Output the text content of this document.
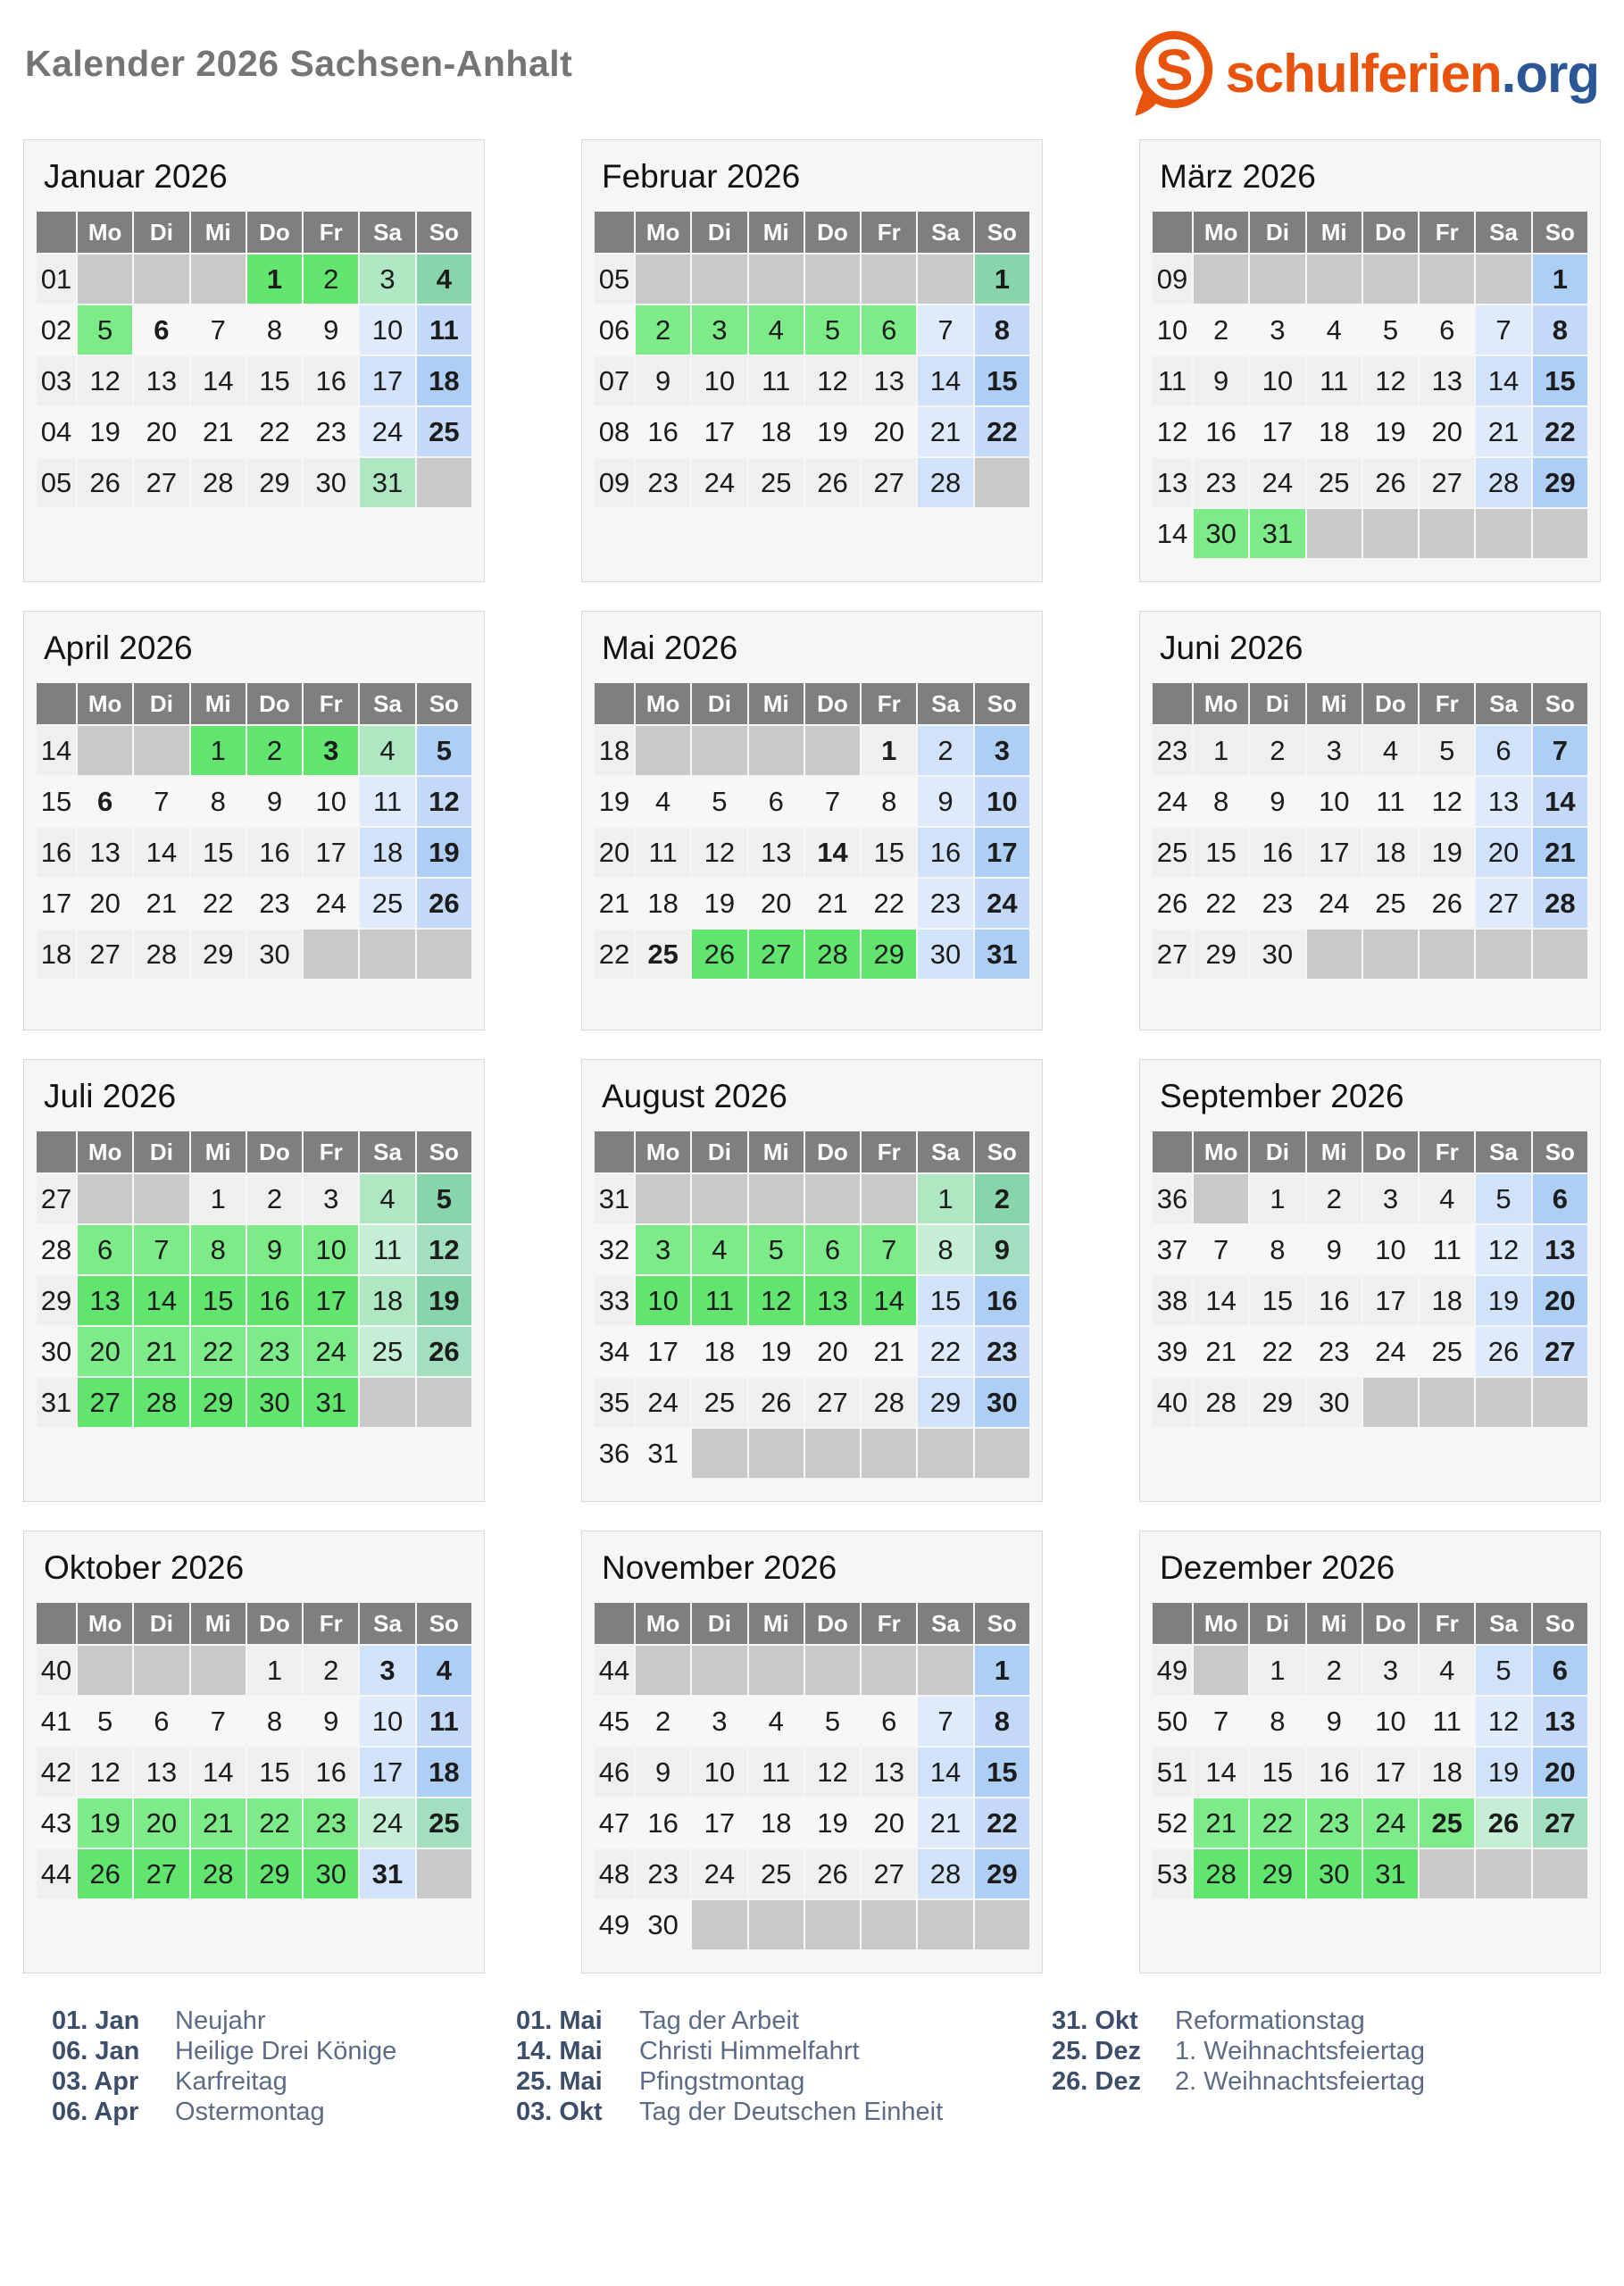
Kalender 2026 Sachsen-Anhalt	S schulferien.org
Januar 2026
	Mo	Di	Mi	Do	Fr	Sa	So
01				1	2	3	4
02	5	6	7	8	9	10	11
03	12	13	14	15	16	17	18
04	19	20	21	22	23	24	25
05	26	27	28	29	30	31	
Februar 2026
	Mo	Di	Mi	Do	Fr	Sa	So
05							1
06	2	3	4	5	6	7	8
07	9	10	11	12	13	14	15
08	16	17	18	19	20	21	22
09	23	24	25	26	27	28	
März 2026
	Mo	Di	Mi	Do	Fr	Sa	So
09							1
10	2	3	4	5	6	7	8
11	9	10	11	12	13	14	15
12	16	17	18	19	20	21	22
13	23	24	25	26	27	28	29
14	30	31					
April 2026
	Mo	Di	Mi	Do	Fr	Sa	So
14			1	2	3	4	5
15	6	7	8	9	10	11	12
16	13	14	15	16	17	18	19
17	20	21	22	23	24	25	26
18	27	28	29	30			
Mai 2026
	Mo	Di	Mi	Do	Fr	Sa	So
18					1	2	3
19	4	5	6	7	8	9	10
20	11	12	13	14	15	16	17
21	18	19	20	21	22	23	24
22	25	26	27	28	29	30	31
Juni 2026
	Mo	Di	Mi	Do	Fr	Sa	So
23	1	2	3	4	5	6	7
24	8	9	10	11	12	13	14
25	15	16	17	18	19	20	21
26	22	23	24	25	26	27	28
27	29	30					
Juli 2026
	Mo	Di	Mi	Do	Fr	Sa	So
27			1	2	3	4	5
28	6	7	8	9	10	11	12
29	13	14	15	16	17	18	19
30	20	21	22	23	24	25	26
31	27	28	29	30	31		
August 2026
	Mo	Di	Mi	Do	Fr	Sa	So
31						1	2
32	3	4	5	6	7	8	9
33	10	11	12	13	14	15	16
34	17	18	19	20	21	22	23
35	24	25	26	27	28	29	30
36	31						
September 2026
	Mo	Di	Mi	Do	Fr	Sa	So
36		1	2	3	4	5	6
37	7	8	9	10	11	12	13
38	14	15	16	17	18	19	20
39	21	22	23	24	25	26	27
40	28	29	30				
Oktober 2026
	Mo	Di	Mi	Do	Fr	Sa	So
40				1	2	3	4
41	5	6	7	8	9	10	11
42	12	13	14	15	16	17	18
43	19	20	21	22	23	24	25
44	26	27	28	29	30	31	
November 2026
	Mo	Di	Mi	Do	Fr	Sa	So
44							1
45	2	3	4	5	6	7	8
46	9	10	11	12	13	14	15
47	16	17	18	19	20	21	22
48	23	24	25	26	27	28	29
49	30						
Dezember 2026
	Mo	Di	Mi	Do	Fr	Sa	So
49		1	2	3	4	5	6
50	7	8	9	10	11	12	13
51	14	15	16	17	18	19	20
52	21	22	23	24	25	26	27
53	28	29	30	31			
01. Jan	Neujahr
06. Jan	Heilige Drei Könige
03. Apr	Karfreitag
06. Apr	Ostermontag
01. Mai	Tag der Arbeit
14. Mai	Christi Himmelfahrt
25. Mai	Pfingstmontag
03. Okt	Tag der Deutschen Einheit
31. Okt	Reformationstag
25. Dez	1. Weihnachtsfeiertag
26. Dez	2. Weihnachtsfeiertag
